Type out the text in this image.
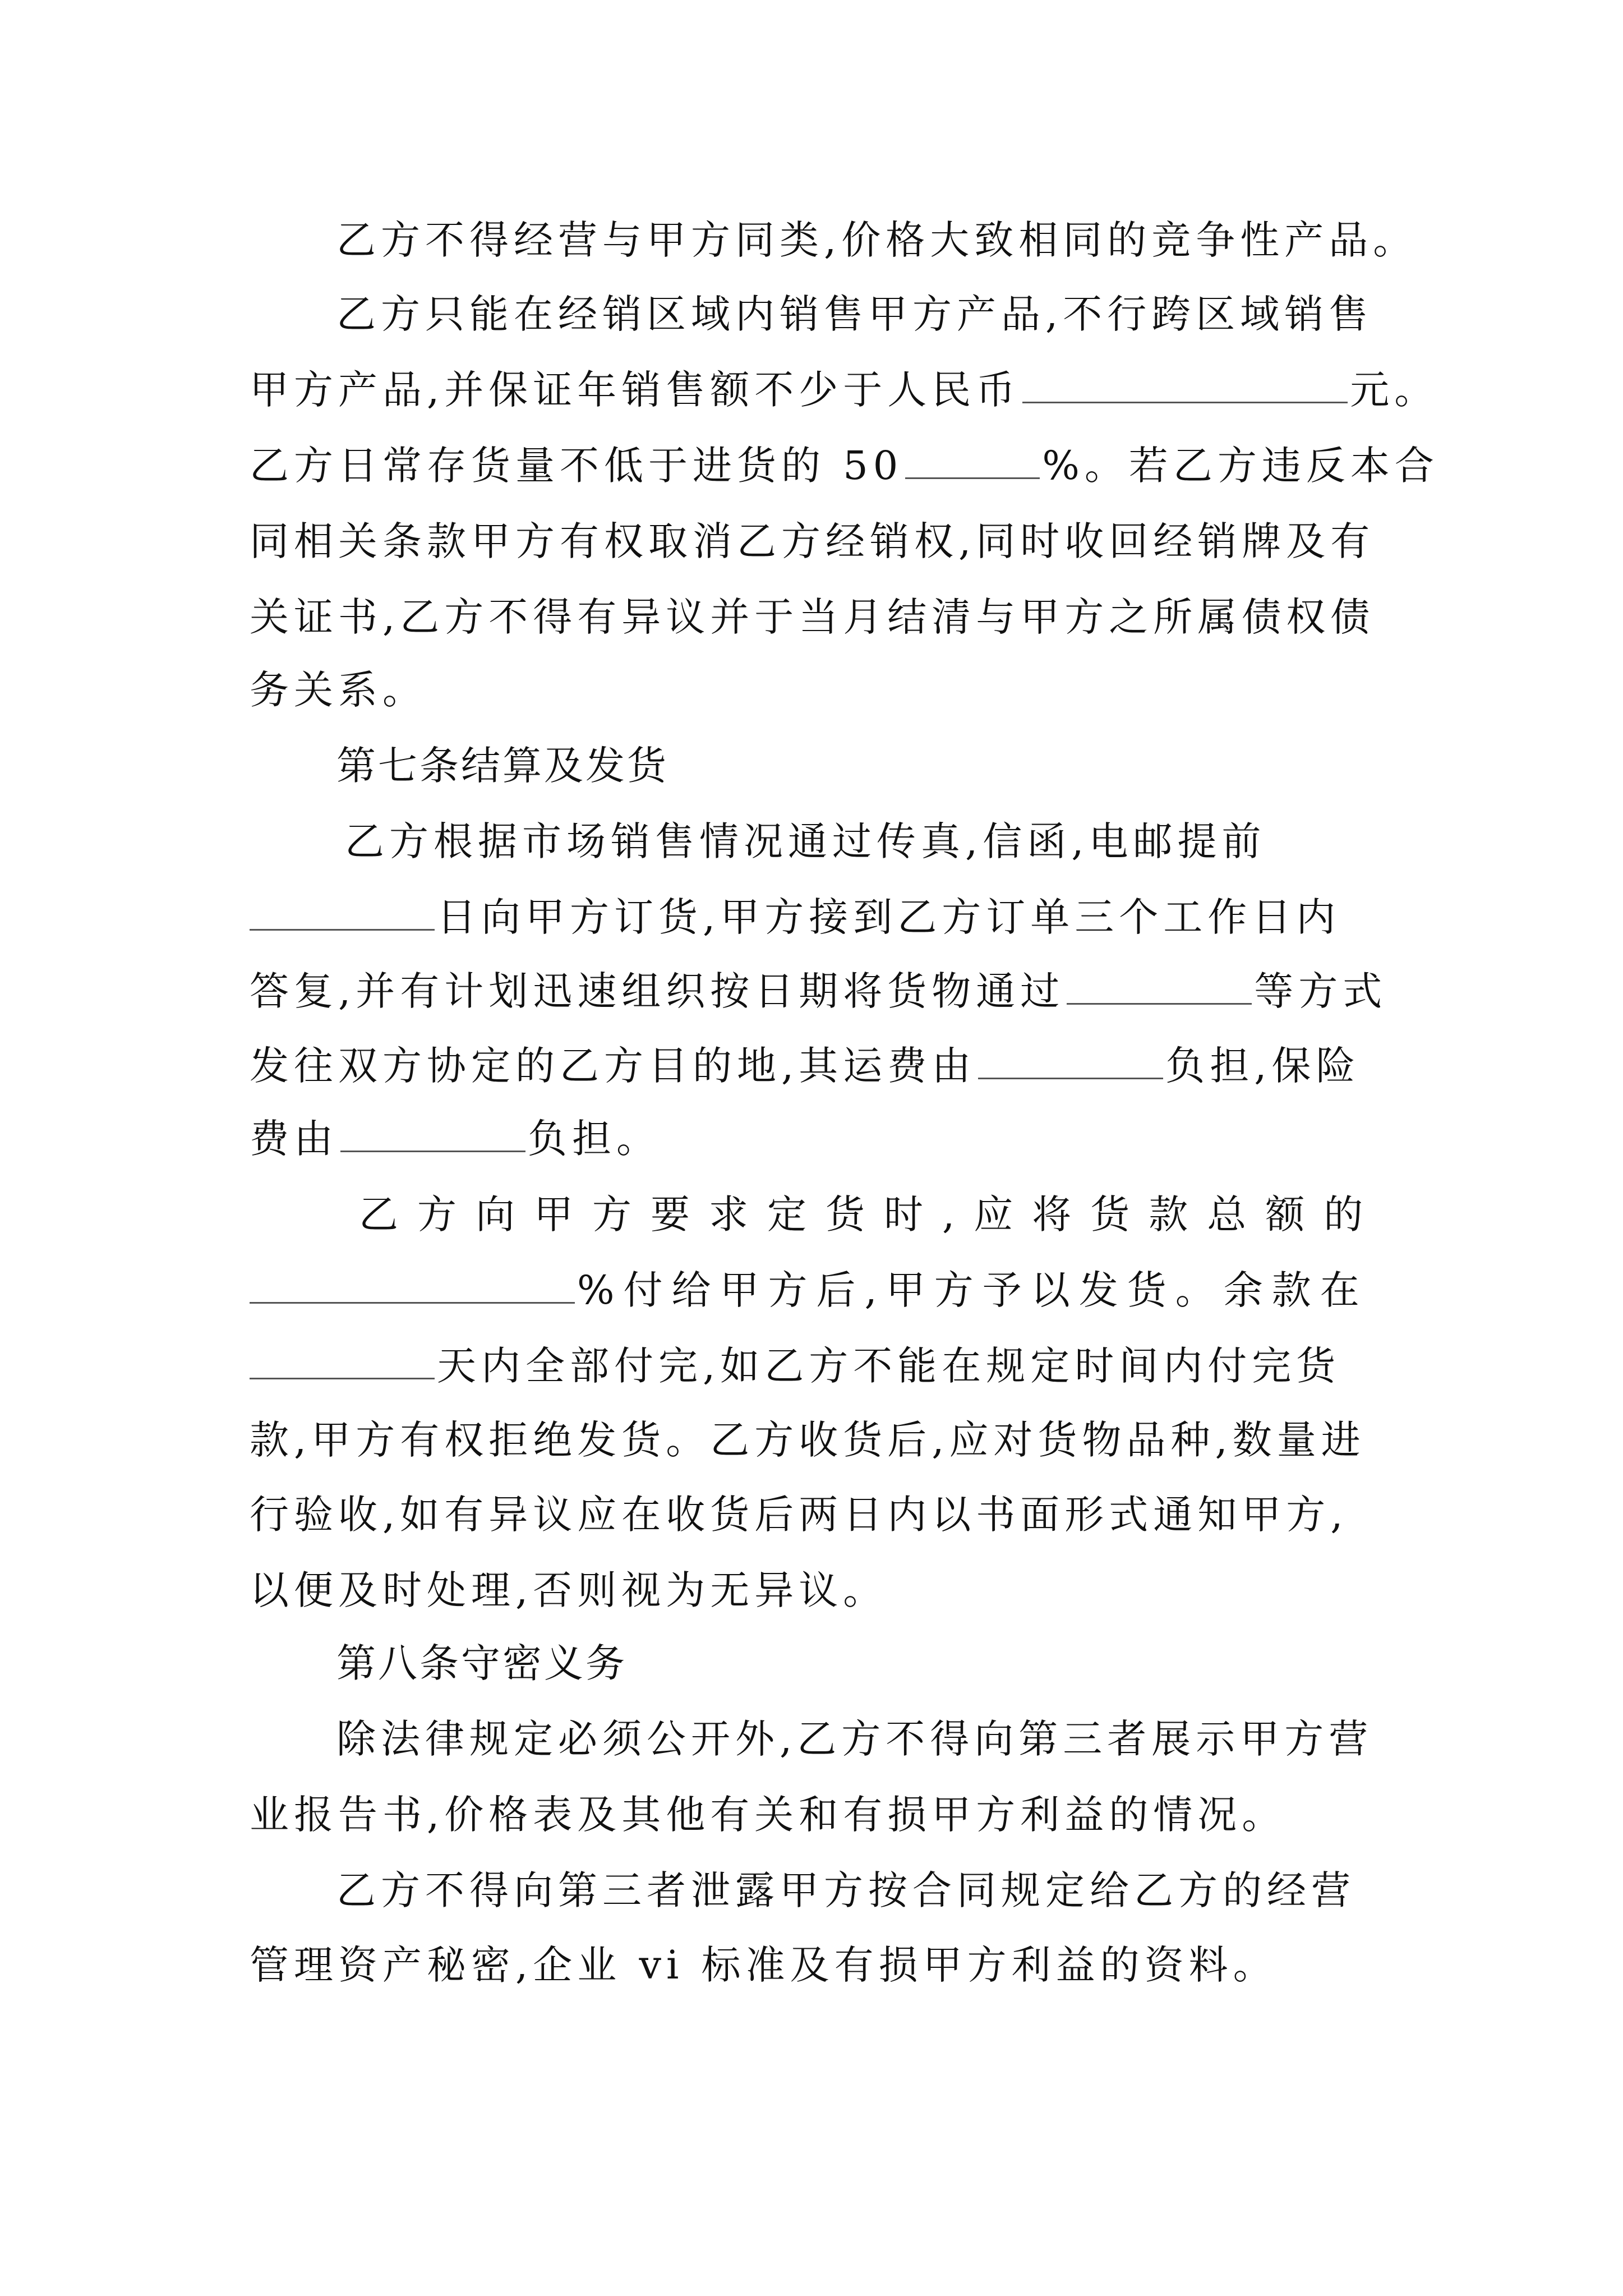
乙方不得经营与甲方同类,价格大致相同的竞争性产品。
乙方只能在经销区域内销售甲方产品,不行跨区域销售
甲方产品,并保证年销售额不少于人民币	元。
乙方日常存货量不低于进货的 50	%。若乙方违反本合
同相关条款甲方有权取消乙方经销权,同时收回经销牌及有
关证书,乙方不得有异议并于当月结清与甲方之所属债权债
务关系。
第七条结算及发货
乙方根据市场销售情况通过传真,信函,电邮提前
日向甲方订货,甲方接到乙方订单三个工作日内
答复,并有计划迅速组织按日期将货物通过	等方式
发往双方协定的乙方目的地,其运费由	负担,保险
费由	负担。
乙方向甲方要求定货时,应将货款总额的
%付给甲方后,甲方予以发货。余款在
天内全部付完,如乙方不能在规定时间内付完货
款,甲方有权拒绝发货。乙方收货后,应对货物品种,数量进
行验收,如有异议应在收货后两日内以书面形式通知甲方,
以便及时处理,否则视为无异议。
第八条守密义务
除法律规定必须公开外,乙方不得向第三者展示甲方营
业报告书,价格表及其他有关和有损甲方利益的情况。
乙方不得向第三者泄露甲方按合同规定给乙方的经营
管理资产秘密,企业 vi 标准及有损甲方利益的资料。
